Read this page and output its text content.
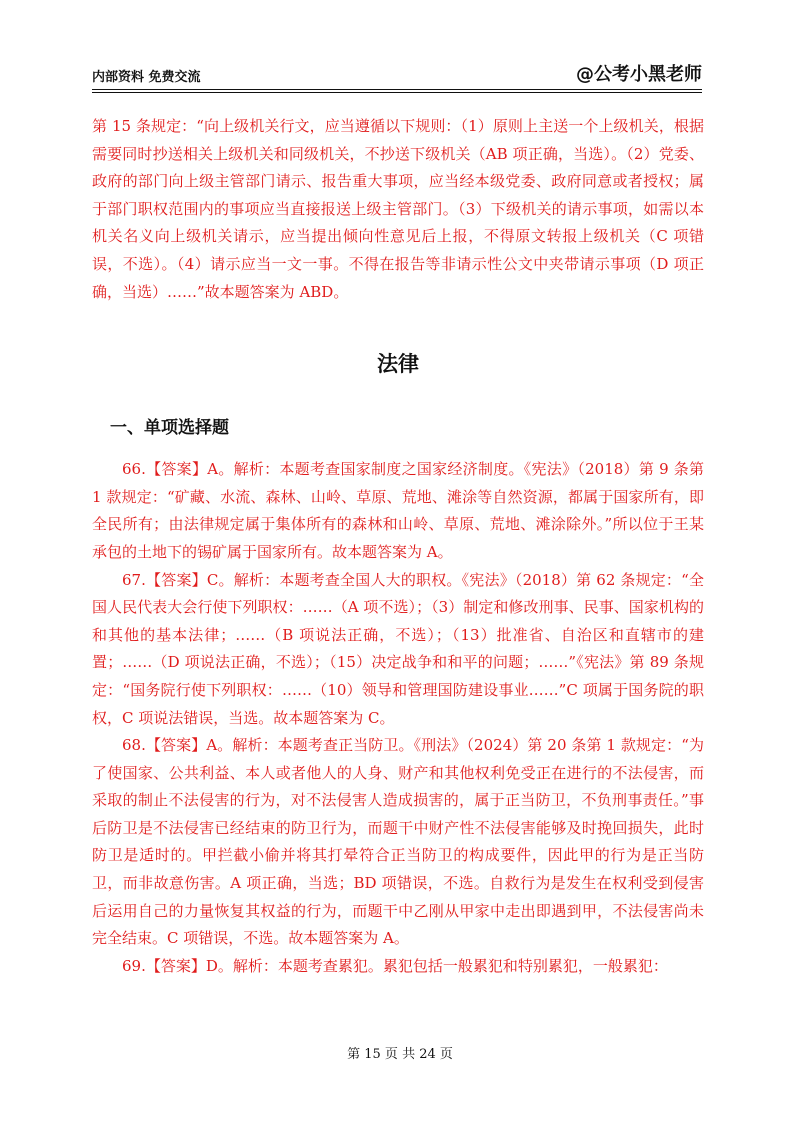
内部资料 免费交流	@公考小黑老师

第 15 条规定：“向上级机关行文，应当遵循以下规则：（1）原则上主送一个上级机关，根据需要同时抄送相关上级机关和同级机关，不抄送下级机关（AB 项正确，当选）。（2）党委、政府的部门向上级主管部门请示、报告重大事项，应当经本级党委、政府同意或者授权；属于部门职权范围内的事项应当直接报送上级主管部门。（3）下级机关的请示事项，如需以本机关名义向上级机关请示，应当提出倾向性意见后上报，不得原文转报上级机关（C 项错误，不选）。（4）请示应当一文一事。不得在报告等非请示性公文中夹带请示事项（D 项正确，当选）……”故本题答案为 ABD。

法律
一、单项选择题

66.【答案】A。解析：本题考查国家制度之国家经济制度。《宪法》（2018）第 9 条第 1 款规定：“矿藏、水流、森林、山岭、草原、荒地、滩涂等自然资源，都属于国家所有，即全民所有；由法律规定属于集体所有的森林和山岭、草原、荒地、滩涂除外。”所以位于王某承包的土地下的锡矿属于国家所有。故本题答案为 A。

67.【答案】C。解析：本题考查全国人大的职权。《宪法》（2018）第 62 条规定：“全国人民代表大会行使下列职权：……（A 项不选）；（3）制定和修改刑事、民事、国家机构的和其他的基本法律；……（B 项说法正确，不选）；（13）批准省、自治区和直辖市的建置；……（D 项说法正确，不选）；（15）决定战争和和平的问题；……”《宪法》第 89 条规定：“国务院行使下列职权：……（10）领导和管理国防建设事业……”C 项属于国务院的职权，C 项说法错误，当选。故本题答案为 C。

68.【答案】A。解析：本题考查正当防卫。《刑法》（2024）第 20 条第 1 款规定：“为了使国家、公共利益、本人或者他人的人身、财产和其他权利免受正在进行的不法侵害，而采取的制止不法侵害的行为，对不法侵害人造成损害的，属于正当防卫，不负刑事责任。”事后防卫是不法侵害已经结束的防卫行为，而题干中财产性不法侵害能够及时挽回损失，此时防卫是适时的。甲拦截小偷并将其打晕符合正当防卫的构成要件，因此甲的行为是正当防卫，而非故意伤害。A 项正确，当选；BD 项错误，不选。自救行为是发生在权利受到侵害后运用自己的力量恢复其权益的行为，而题干中乙刚从甲家中走出即遇到甲，不法侵害尚未完全结束。C 项错误，不选。故本题答案为 A。

69.【答案】D。解析：本题考查累犯。累犯包括一般累犯和特别累犯，一般累犯：

第 15 页 共 24 页
